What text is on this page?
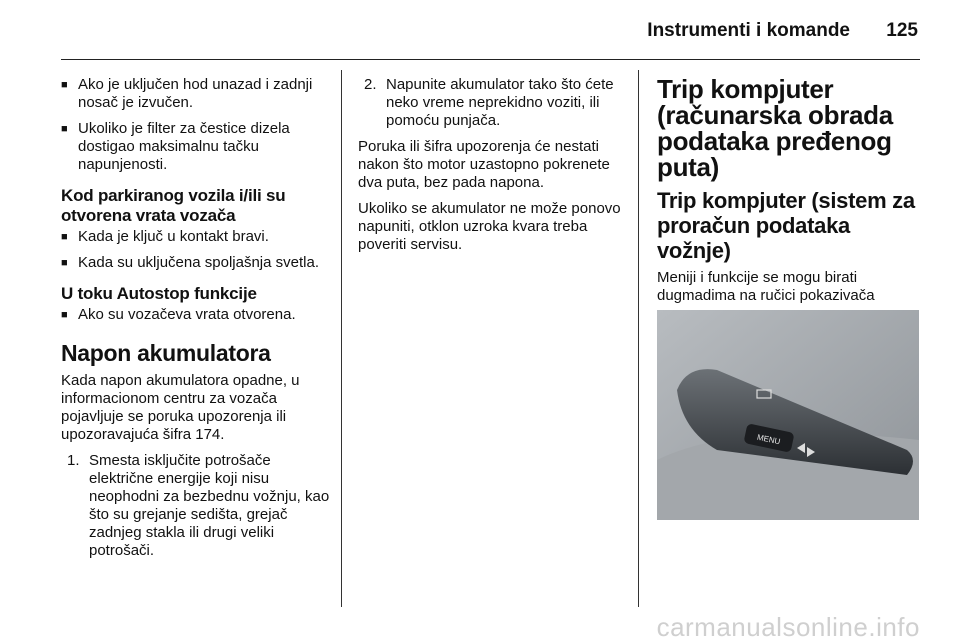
Instrumenti i komande	125
■ Ako je uključen hod unazad i zadnji nosač je izvučen.
■ Ukoliko je filter za čestice dizela dostigao maksimalnu tačku napunjenosti.
Kod parkiranog vozila i/ili su otvorena vrata vozača
■ Kada je ključ u kontakt bravi.
■ Kada su uključena spoljašnja svetla.
U toku Autostop funkcije
■ Ako su vozačeva vrata otvorena.
Napon akumulatora

Kada napon akumulatora opadne, u informacionom centru za vozača pojavljuje se poruka upozorenja ili upozoravajuća šifra 174.

1. Smesta isključite potrošače električne energije koji nisu neophodni za bezbednu vožnju, kao što su grejanje sedišta, grejač zadnjeg stakla ili drugi veliki potrošači.
2. Napunite akumulator tako što ćete neko vreme neprekidno voziti, ili pomoću punjača.

Poruka ili šifra upozorenja će nestati nakon što motor uzastopno pokrenete dva puta, bez pada napona.

Ukoliko se akumulator ne može ponovo napuniti, otklon uzroka kvara treba poveriti servisu.

Trip kompjuter (računarska obrada podataka pređenog puta)
Trip kompjuter (sistem za proračun podataka vožnje)

Meniji i funkcije se mogu birati dugmadima na ručici pokazivača

MENU
carmanualsonline.info
